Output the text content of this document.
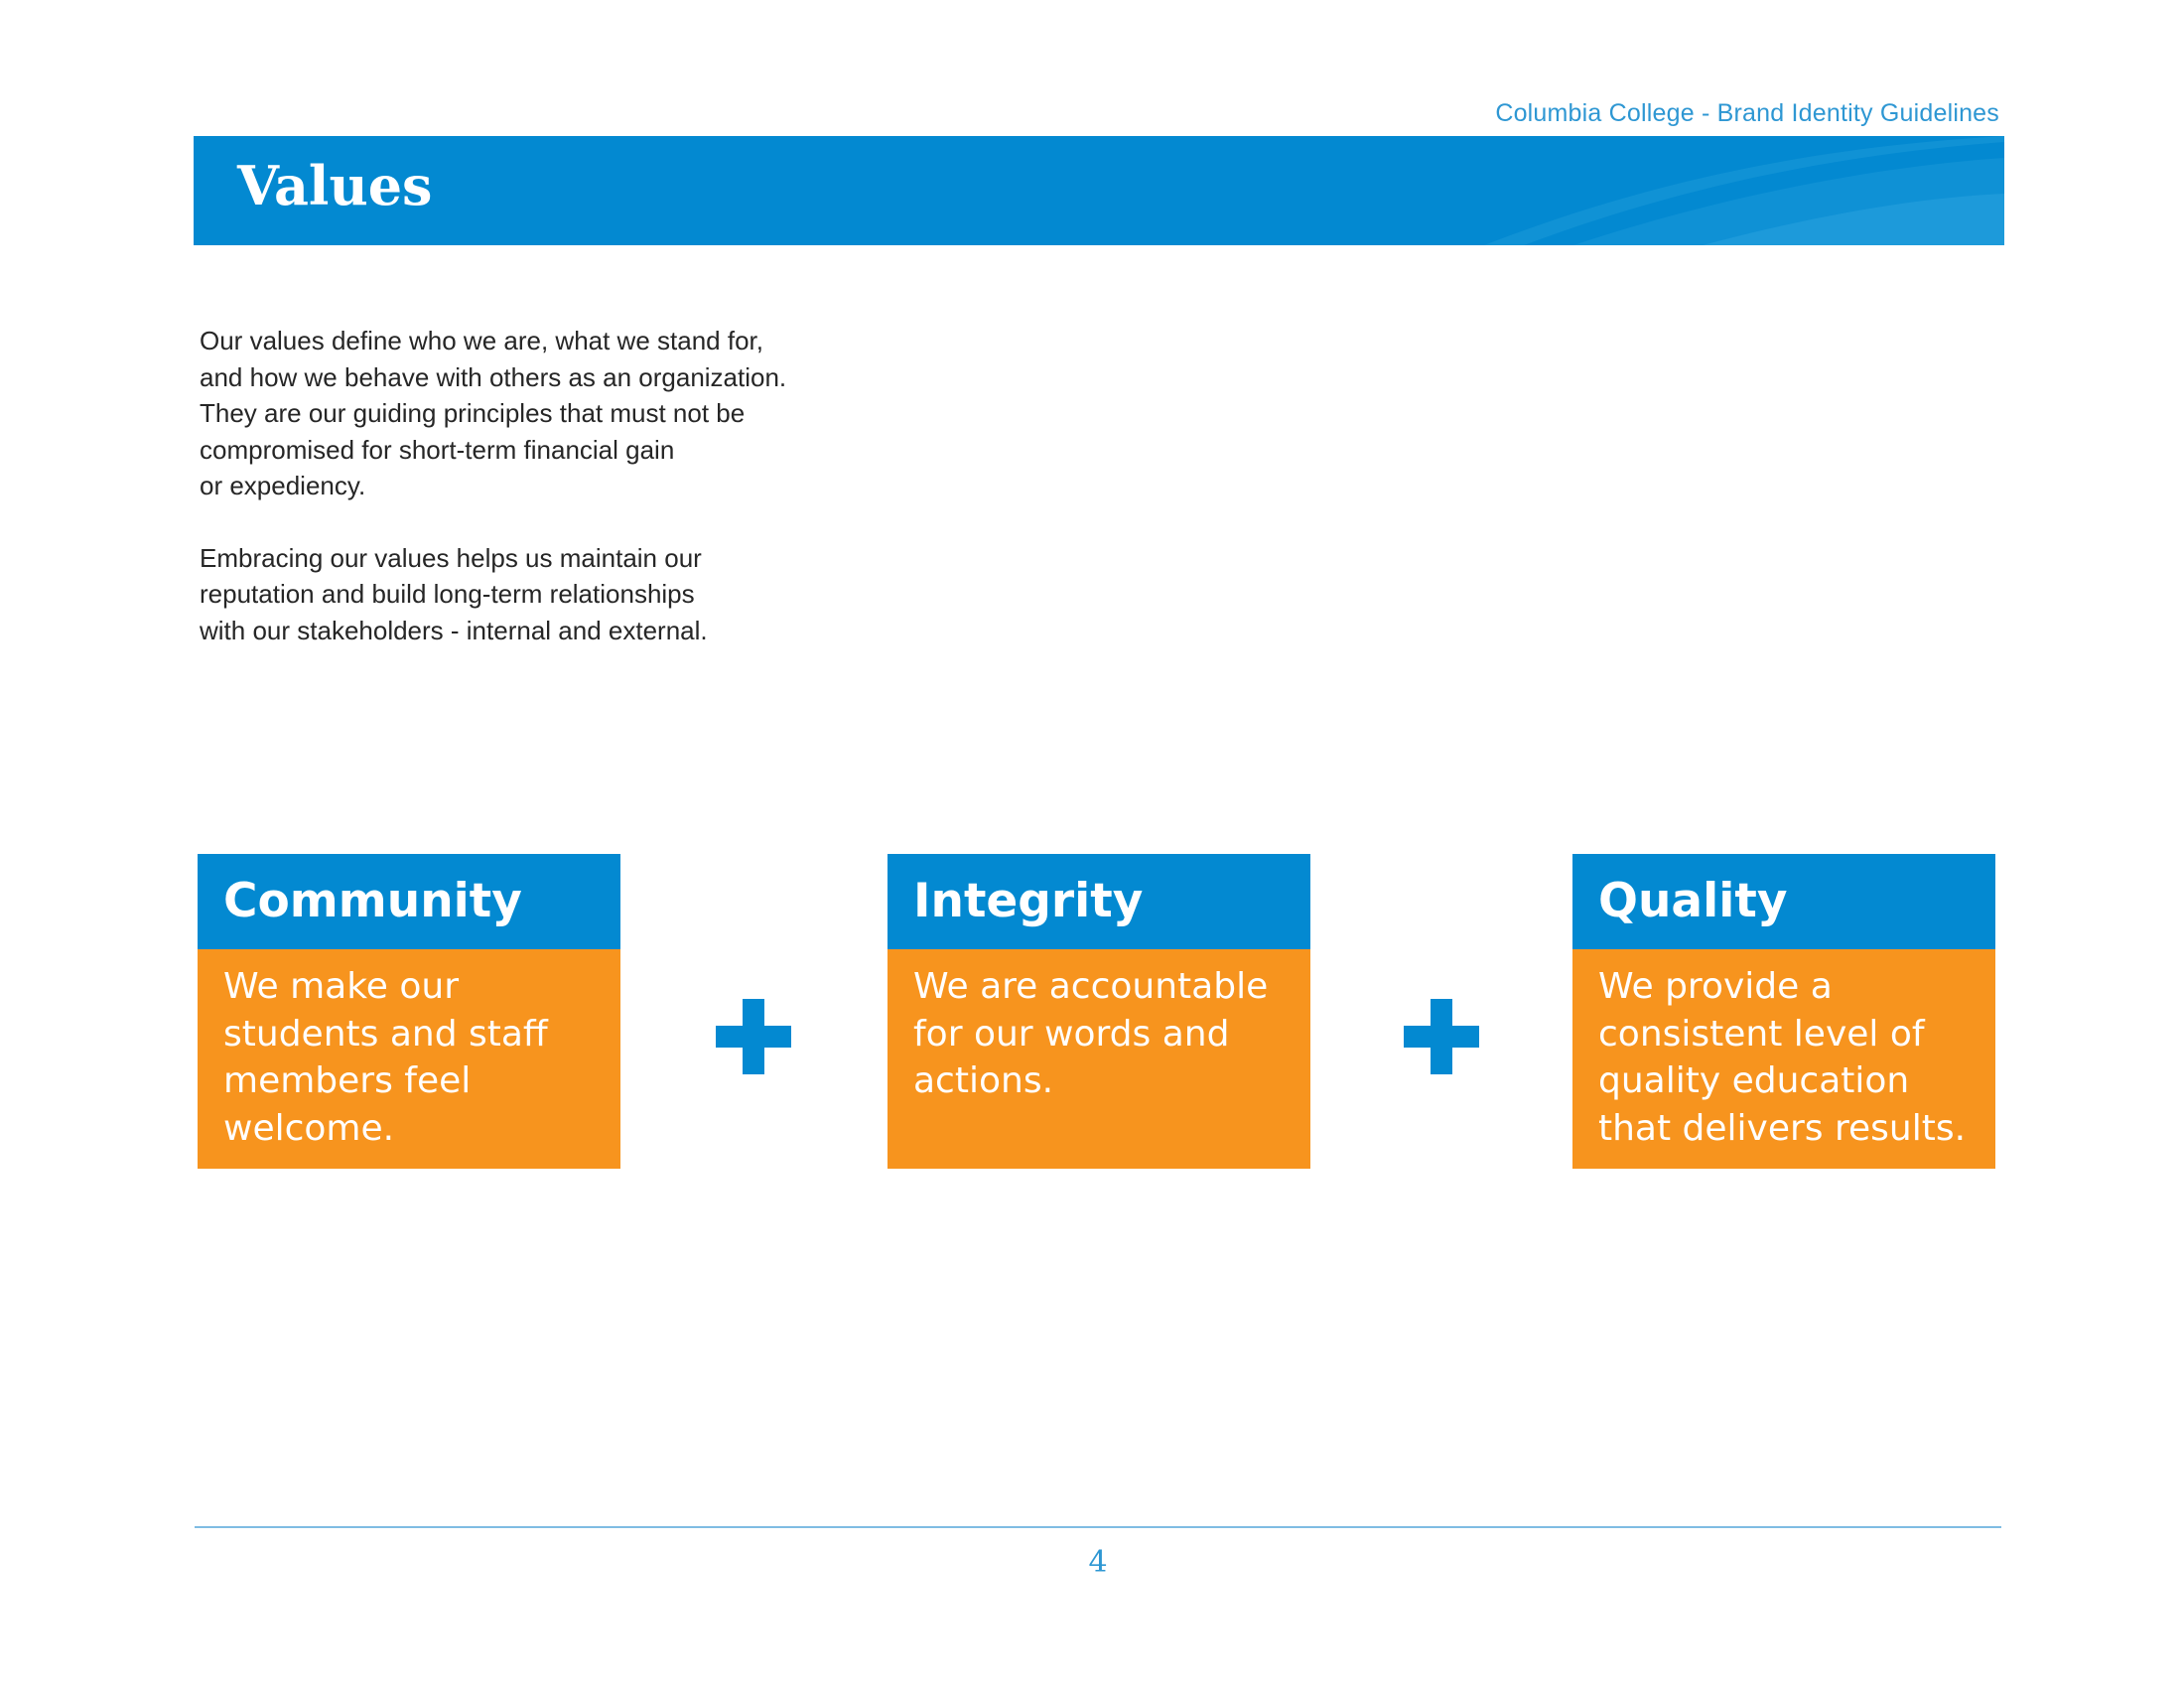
Columbia College - Brand Identity Guidelines
Values

Our values define who we are, what we stand for,
and how we behave with others as an organization.
They are our guiding principles that must not be
compromised for short-term financial gain
or expediency.

Embracing our values helps us maintain our
reputation and build long-term relationships
with our stakeholders - internal and external.

Community
We make our
students and staff
members feel
welcome.
Integrity
We are accountable
for our words and
actions.
Quality
We provide a
consistent level of
quality education
that delivers results.
4
